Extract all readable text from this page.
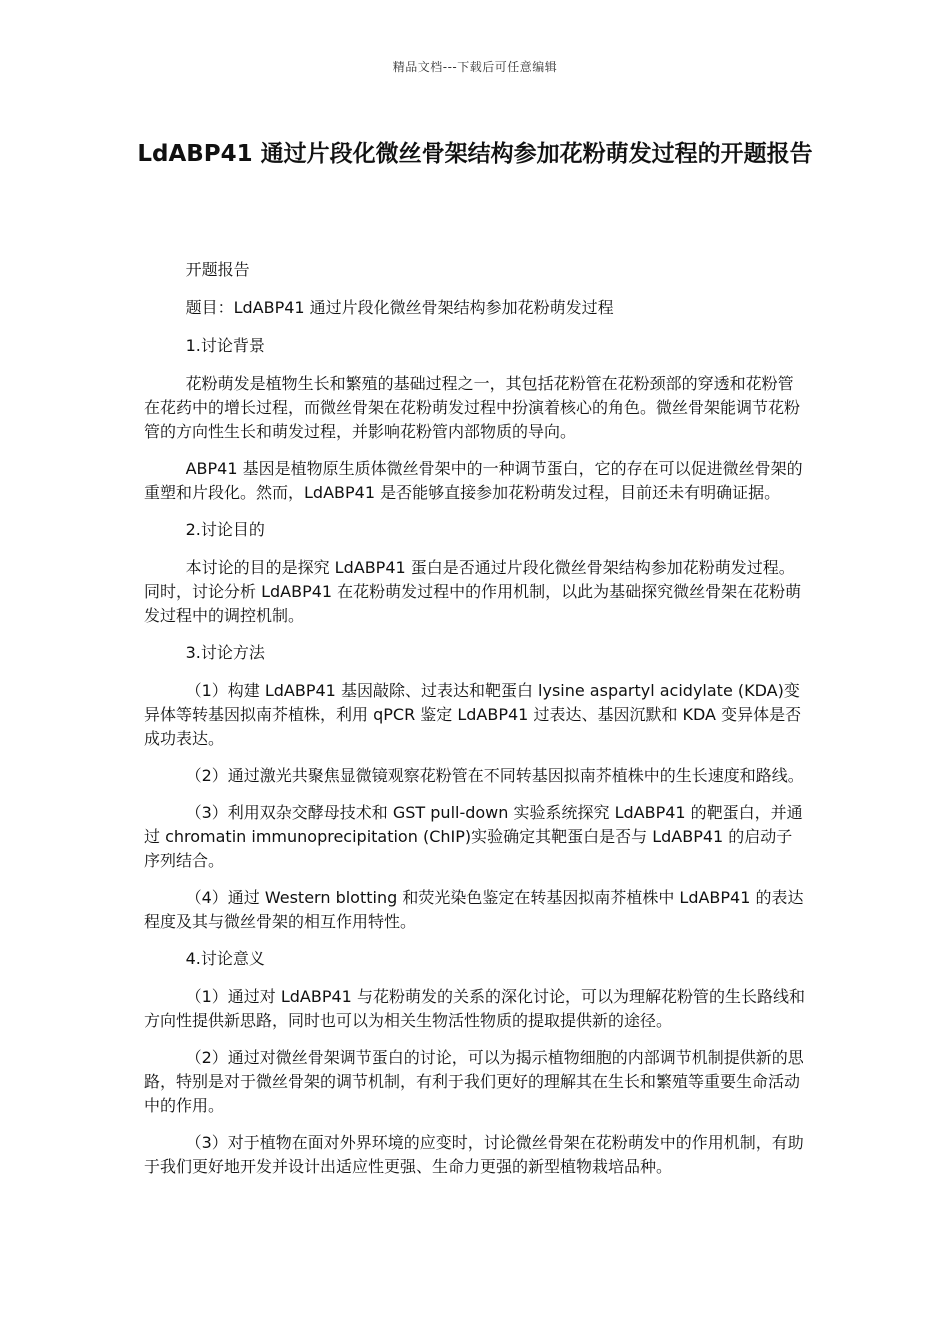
精品文档---下载后可任意编辑
LdABP41 通过片段化微丝骨架结构参加花粉萌发过程的开题报告

开题报告

题目：LdABP41 通过片段化微丝骨架结构参加花粉萌发过程

1.讨论背景

花粉萌发是植物生长和繁殖的基础过程之一，其包括花粉管在花粉颈部的穿透和花粉管在花药中的增长过程，而微丝骨架在花粉萌发过程中扮演着核心的角色。微丝骨架能调节花粉管的方向性生长和萌发过程，并影响花粉管内部物质的导向。

ABP41 基因是植物原生质体微丝骨架中的一种调节蛋白，它的存在可以促进微丝骨架的重塑和片段化。然而，LdABP41 是否能够直接参加花粉萌发过程，目前还未有明确证据。

2.讨论目的

本讨论的目的是探究 LdABP41 蛋白是否通过片段化微丝骨架结构参加花粉萌发过程。同时，讨论分析 LdABP41 在花粉萌发过程中的作用机制，以此为基础探究微丝骨架在花粉萌发过程中的调控机制。

3.讨论方法

（1）构建 LdABP41 基因敲除、过表达和靶蛋白 lysine aspartyl acidylate (KDA)变异体等转基因拟南芥植株，利用 qPCR 鉴定 LdABP41 过表达、基因沉默和 KDA 变异体是否成功表达。

（2）通过激光共聚焦显微镜观察花粉管在不同转基因拟南芥植株中的生长速度和路线。

（3）利用双杂交酵母技术和 GST pull-down 实验系统探究 LdABP41 的靶蛋白，并通过 chromatin immunoprecipitation (ChIP)实验确定其靶蛋白是否与 LdABP41 的启动子序列结合。

（4）通过 Western blotting 和荧光染色鉴定在转基因拟南芥植株中 LdABP41 的表达程度及其与微丝骨架的相互作用特性。

4.讨论意义

（1）通过对 LdABP41 与花粉萌发的关系的深化讨论，可以为理解花粉管的生长路线和方向性提供新思路，同时也可以为相关生物活性物质的提取提供新的途径。

（2）通过对微丝骨架调节蛋白的讨论，可以为揭示植物细胞的内部调节机制提供新的思路，特别是对于微丝骨架的调节机制，有利于我们更好的理解其在生长和繁殖等重要生命活动中的作用。

（3）对于植物在面对外界环境的应变时，讨论微丝骨架在花粉萌发中的作用机制，有助于我们更好地开发并设计出适应性更强、生命力更强的新型植物栽培品种。
